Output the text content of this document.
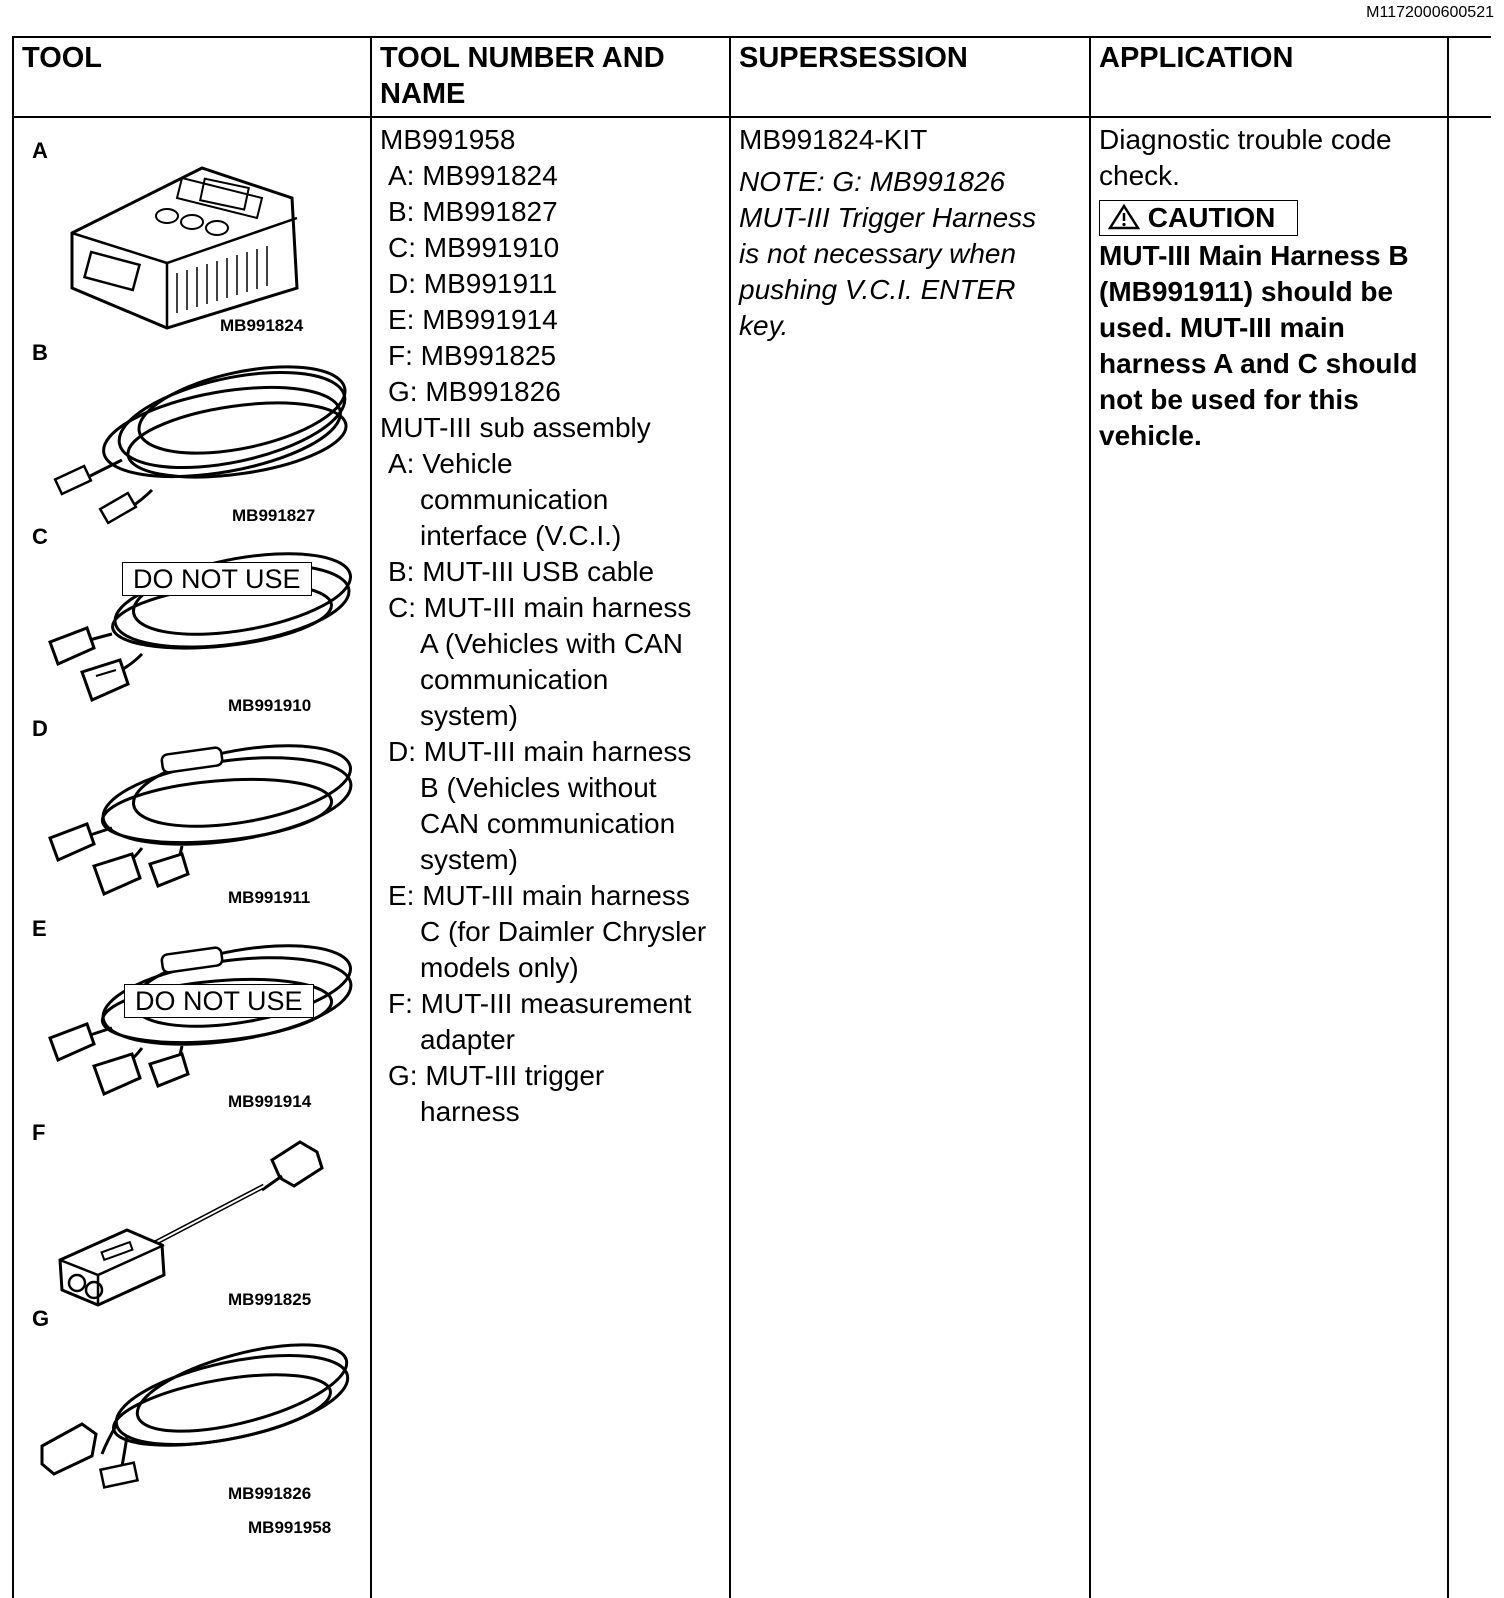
M1172000600521
TOOL	TOOL NUMBER AND NAME
SUPERSESSION	APPLICATION
A
MB991824
B
MB991827
C
DO NOT USE
MB991910
D
MB991911
E
DO NOT USE
MB991914
F
MB991825
G
MB991826
MB991958
MB991958
A: MB991824
B: MB991827
C: MB991910
D: MB991911
E: MB991914
F: MB991825
G: MB991826
MUT-III sub assembly
A: Vehicle
communication
interface (V.C.I.)
B: MUT-III USB cable
C: MUT-III main harness
A (Vehicles with CAN
communication
system)
D: MUT-III main harness
B (Vehicles without
CAN communication
system)
E: MUT-III main harness
C (for Daimler Chrysler
models only)
F: MUT-III measurement
adapter
G: MUT-III trigger
harness
MB991824-KIT
NOTE: G: MB991826
MUT-III Trigger Harness
is not necessary when
pushing V.C.I. ENTER
key.
Diagnostic trouble code
check.
CAUTION
MUT-III Main Harness B
(MB991911) should be
used. MUT-III main
harness A and C should
not be used for this
vehicle.
